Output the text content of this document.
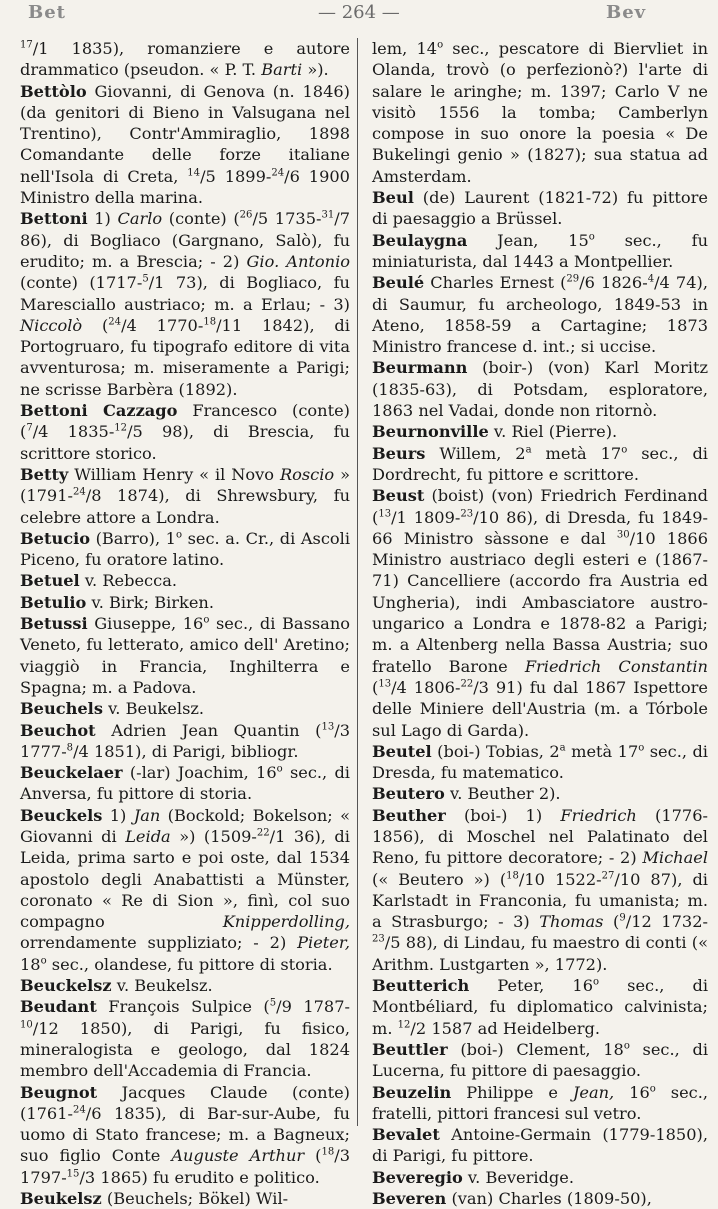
Bet	— 264 —	Bev

$^{17}$/1 1835), romanziere e autore drammatico (pseudon. « P. T. Barti »).

Bettòlo Giovanni, di Genova (n. 1846) (da genitori di Bieno in Valsugana nel Trentino), Contr'Ammiraglio, 1898 Comandante delle forze italiane nell'Isola di Creta, $^{14}$/5 1899-$^{24}$/6 1900 Ministro della marina.

Bettoni 1) Carlo (conte) ($^{26}$/5 1735-$^{31}$/7 86), di Bogliaco (Gargnano, Salò), fu erudito; m. a Brescia; - 2) Gio. Antonio (conte) (1717-$^5$/1 73), di Bogliaco, fu Maresciallo austriaco; m. a Erlau; - 3) Niccolò ($^{24}$/4 1770-$^{18}$/11 1842), di Portogruaro, fu tipografo editore di vita avventurosa; m. miseramente a Parigi; ne scrisse Barbèra (1892).

Bettoni Cazzago Francesco (conte) ($^7$/4 1835-$^{12}$/5 98), di Brescia, fu scrittore storico.

Betty William Henry « il Novo Roscio » (1791-$^{24}$/8 1874), di Shrewsbury, fu celebre attore a Londra.

Betucio (Barro), 1$^o$ sec. a. Cr., di Ascoli Piceno, fu oratore latino.

Betuel v. Rebecca.

Betulio v. Birk; Birken.

Betussi Giuseppe, 16$^o$ sec., di Bassano Veneto, fu letterato, amico dell' Aretino; viaggiò in Francia, Inghilterra e Spagna; m. a Padova.

Beuchels v. Beukelsz.

Beuchot Adrien Jean Quantin ($^{13}$/3 1777-$^8$/4 1851), di Parigi, bibliogr.

Beuckelaer (-lar) Joachim, 16$^o$ sec., di Anversa, fu pittore di storia.

Beuckels 1) Jan (Bockold; Bokelson; « Giovanni di Leida ») (1509-$^{22}$/1 36), di Leida, prima sarto e poi oste, dal 1534 apostolo degli Anabattisti a Münster, coronato « Re di Sion », finì, col suo compagno Knipperdolling, orrendamente suppliziato; - 2) Pieter, 18$^o$ sec., olandese, fu pittore di storia.

Beuckelsz v. Beukelsz.

Beudant François Sulpice ($^5$/9 1787-$^{10}$/12 1850), di Parigi, fu fisico, mineralogista e geologo, dal 1824 membro dell'Accademia di Francia.

Beugnot Jacques Claude (conte) (1761-$^{24}$/6 1835), di Bar-sur-Aube, fu uomo di Stato francese; m. a Bagneux; suo figlio Conte Auguste Arthur ($^{18}$/3 1797-$^{15}$/3 1865) fu erudito e politico.

Beukelsz (Beuchels; Bökel) Wil-

lem, 14$^o$ sec., pescatore di Biervliet in Olanda, trovò (o perfezionò?) l'arte di salare le aringhe; m. 1397; Carlo V ne visitò 1556 la tomba; Camberlyn compose in suo onore la poesia « De Bukelingi genio » (1827); sua statua ad Amsterdam.

Beul (de) Laurent (1821-72) fu pittore di paesaggio a Brüssel.

Beulaygna Jean, 15$^o$ sec., fu miniaturista, dal 1443 a Montpellier.

Beulé Charles Ernest ($^{29}$/6 1826-$^4$/4 74), di Saumur, fu archeologo, 1849-53 in Ateno, 1858-59 a Cartagine; 1873 Ministro francese d. int.; si uccise.

Beurmann (boir-) (von) Karl Moritz (1835-63), di Potsdam, esploratore, 1863 nel Vadai, donde non ritornò.

Beurnonville v. Riel (Pierre).

Beurs Willem, 2$^a$ metà 17$^o$ sec., di Dordrecht, fu pittore e scrittore.

Beust (boist) (von) Friedrich Ferdinand ($^{13}$/1 1809-$^{23}$/10 86), di Dresda, fu 1849-66 Ministro sàssone e dal $^{30}$/10 1866 Ministro austriaco degli esteri e (1867-71) Cancelliere (accordo fra Austria ed Ungheria), indi Ambasciatore austro-ungarico a Londra e 1878-82 a Parigi; m. a Altenberg nella Bassa Austria; suo fratello Barone Friedrich Constantin ($^{13}$/4 1806-$^{22}$/3 91) fu dal 1867 Ispettore delle Miniere dell'Austria (m. a Tórbole sul Lago di Garda).

Beutel (boi-) Tobias, 2$^a$ metà 17$^o$ sec., di Dresda, fu matematico.

Beutero v. Beuther 2).

Beuther (boi-) 1) Friedrich (1776-1856), di Moschel nel Palatinato del Reno, fu pittore decoratore; - 2) Michael (« Beutero ») ($^{18}$/10 1522-$^{27}$/10 87), di Karlstadt in Franconia, fu umanista; m. a Strasburgo; - 3) Thomas ($^9$/12 1732-$^{23}$/5 88), di Lindau, fu maestro di conti (« Arithm. Lustgarten », 1772).

Beutterich Peter, 16$^o$ sec., di Montbéliard, fu diplomatico calvinista; m. $^{12}$/2 1587 ad Heidelberg.

Beuttler (boi-) Clement, 18$^o$ sec., di Lucerna, fu pittore di paesaggio.

Beuzelin Philippe e Jean, 16$^o$ sec., fratelli, pittori francesi sul vetro.

Bevalet Antoine-Germain (1779-1850), di Parigi, fu pittore.

Beveregio v. Beveridge.

Beveren (van) Charles (1809-50),
